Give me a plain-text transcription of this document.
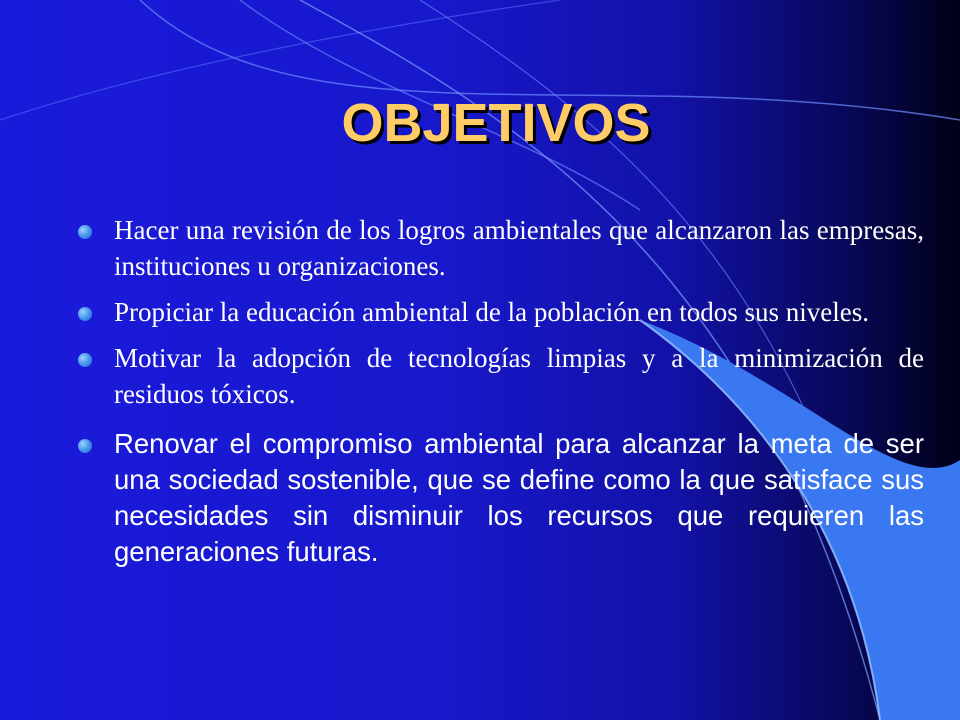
OBJETIVOS
Hacer una revisión de los logros ambientales que alcanzaron las empresas, instituciones u organizaciones.
Propiciar la educación ambiental de la población en todos sus niveles.
Motivar la adopción de tecnologías limpias y a la minimización de residuos tóxicos.
Renovar el compromiso ambiental para alcanzar la meta de ser una sociedad sostenible, que se define como la que satisface sus necesidades sin disminuir los recursos que requieren las generaciones futuras.
